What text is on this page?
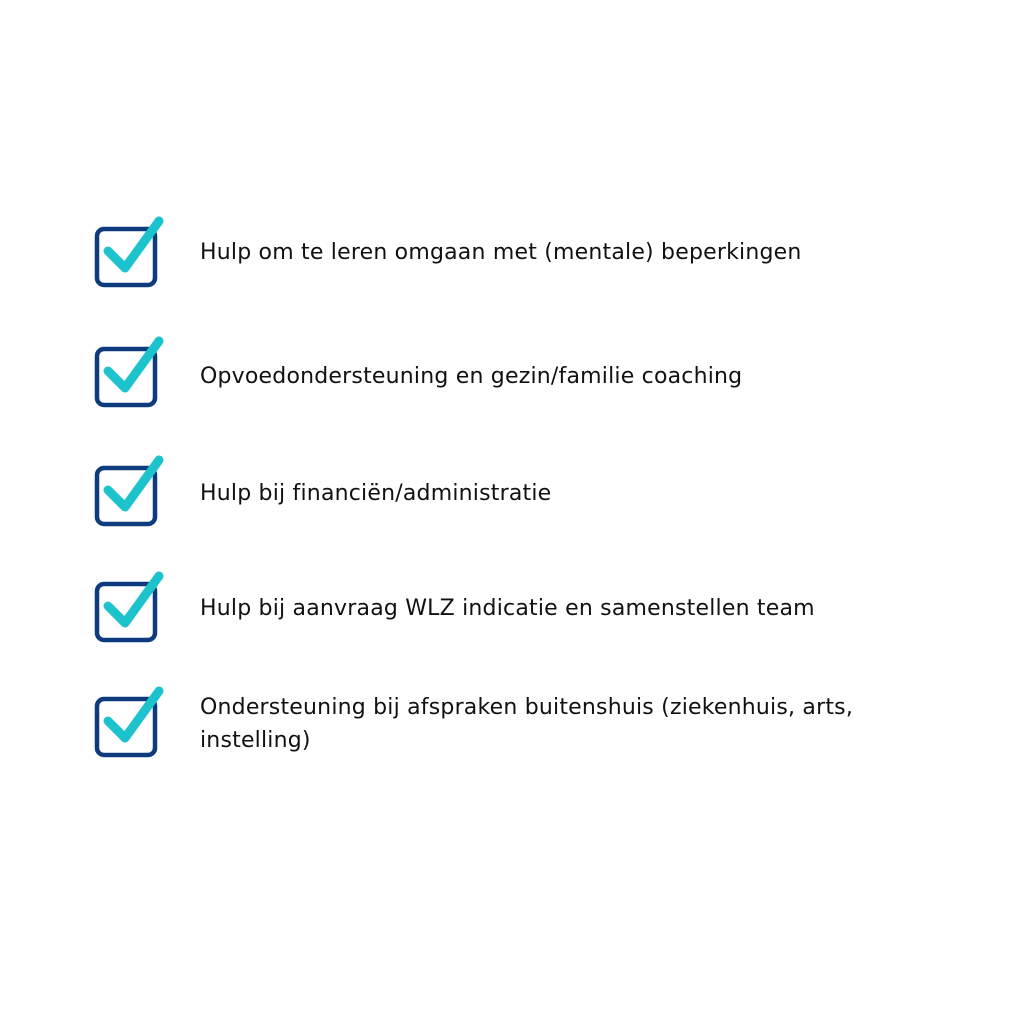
Hulp om te leren omgaan met (mentale) beperkingen
Opvoedondersteuning en gezin/familie coaching
Hulp bij financiën/administratie
Hulp bij aanvraag WLZ indicatie en samenstellen team
Ondersteuning bij afspraken buitenshuis (ziekenhuis, arts, instelling)
